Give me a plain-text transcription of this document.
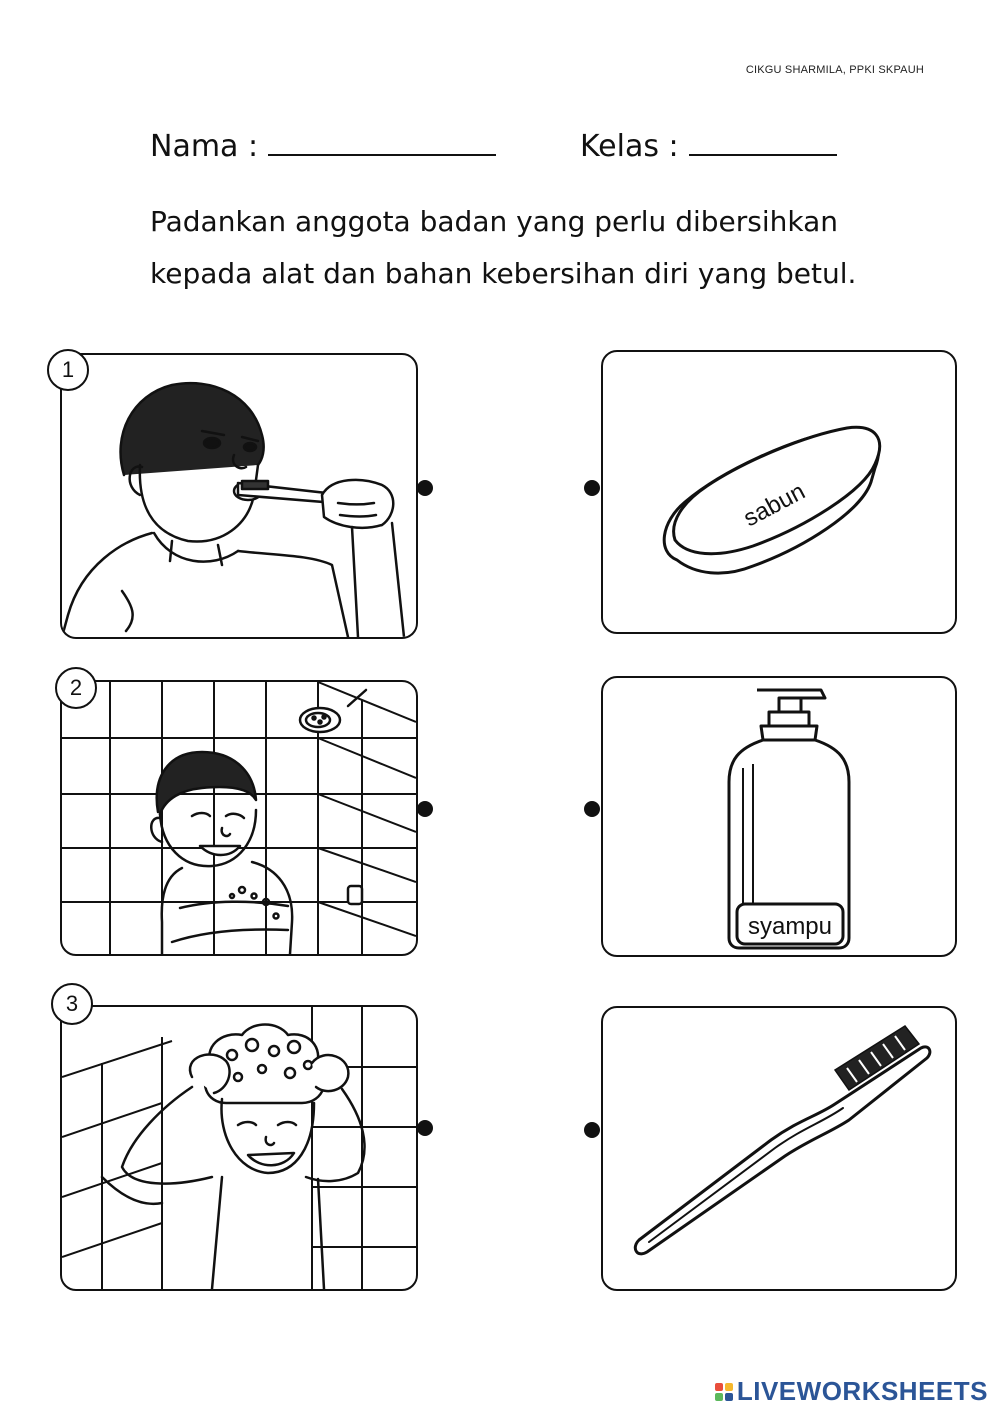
CIKGU SHARMILA, PPKI SKPAUH
Nama :	Kelas :
Padankan anggota badan yang perlu dibersihkan
kepada alat dan bahan kebersihan diri yang betul.
1
2
3
sabun
syampu
LIVEWORKSHEETS
